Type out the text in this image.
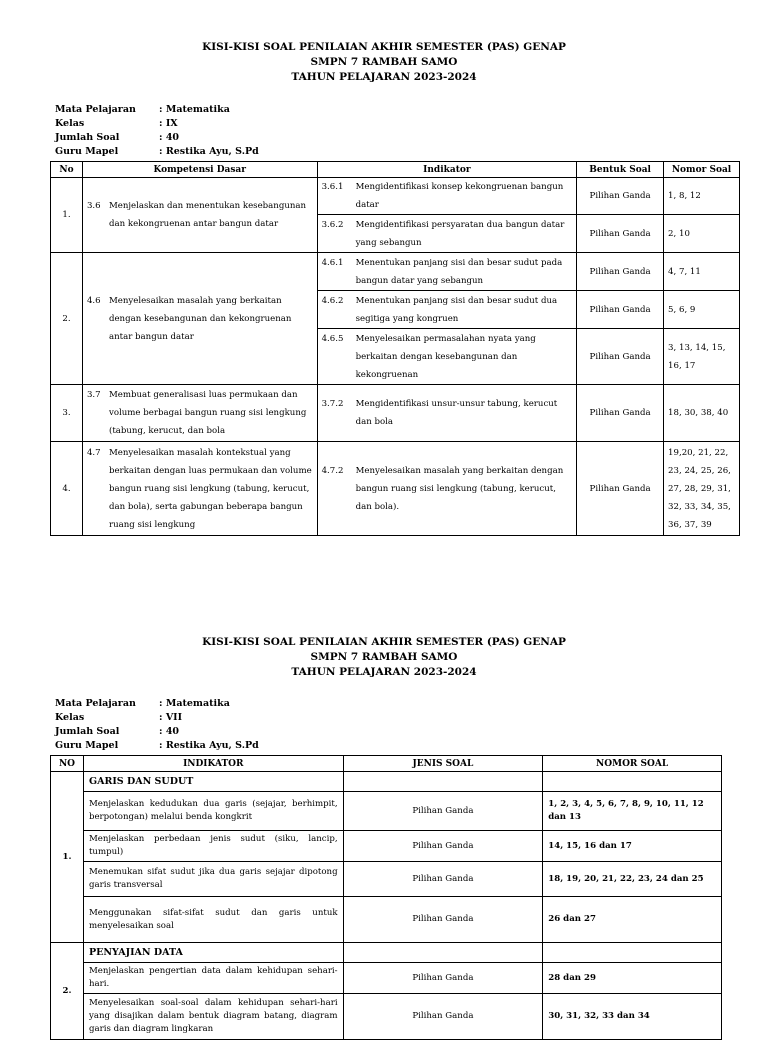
KISI-KISI SOAL PENILAIAN AKHIR SEMESTER (PAS) GENAP
SMPN 7 RAMBAH SAMO
TAHUN PELAJARAN 2023-2024
Mata Pelajaran	: Matematika
Kelas	: IX
Jumlah Soal	: 40
Guru Mapel	: Restika Ayu, S.Pd
No	Kompetensi Dasar	Indikator	Bentuk Soal	Nomor Soal
1.	3.6 Menjelaskan dan menentukan kesebangunan dan kekongruenan antar bangun datar	3.6.1 Mengidentifikasi konsep kekongruenan bangun datar	Pilihan Ganda	1, 8, 12

		3.6.2 Mengidentifikasi persyaratan dua bangun datar yang sebangun	Pilihan Ganda	2, 10
2.	4.6 Menyelesaikan masalah yang berkaitan dengan kesebangunan dan kekongruenan antar bangun datar	4.6.1 Menentukan panjang sisi dan besar sudut pada bangun datar yang sebangun	Pilihan Ganda	4, 7, 11

		4.6.2 Menentukan panjang sisi dan besar sudut dua segitiga yang kongruen	Pilihan Ganda	5, 6, 9

		4.6.5 Menyelesaikan permasalahan nyata yang berkaitan dengan kesebangunan dan kekongruenan	Pilihan Ganda	3, 13, 14, 15, 16, 17
3.	3.7 Membuat generalisasi luas permukaan dan volume berbagai bangun ruang sisi lengkung (tabung, kerucut, dan bola	3.7.2 Mengidentifikasi unsur-unsur tabung, kerucut dan bola	Pilihan Ganda	18, 30, 38, 40
4.	4.7 Menyelesaikan masalah kontekstual yang berkaitan dengan luas permukaan dan volume bangun ruang sisi lengkung (tabung, kerucut, dan bola), serta gabungan beberapa bangun ruang sisi lengkung	4.7.2 Menyelesaikan masalah yang berkaitan dengan bangun ruang sisi lengkung (tabung, kerucut, dan bola).	Pilihan Ganda	19,20, 21, 22, 23, 24, 25, 26, 27, 28, 29, 31, 32, 33, 34, 35, 36, 37, 39
KISI-KISI SOAL PENILAIAN AKHIR SEMESTER (PAS) GENAP
SMPN 7 RAMBAH SAMO
TAHUN PELAJARAN 2023-2024
Mata Pelajaran	: Matematika
Kelas	: VII
Jumlah Soal	: 40
Guru Mapel	: Restika Ayu, S.Pd
NO	INDIKATOR	JENIS SOAL	NOMOR SOAL
1.	GARIS DAN SUDUT		
	Menjelaskan kedudukan dua garis (sejajar, berhimpit, berpotongan) melalui benda kongkrit	Pilihan Ganda	1, 2, 3, 4, 5, 6, 7, 8, 9, 10, 11, 12 dan 13
	Menjelaskan perbedaan jenis sudut (siku, lancip, tumpul)	Pilihan Ganda	14, 15, 16 dan 17
	Menemukan sifat sudut jika dua garis sejajar dipotong garis transversal	Pilihan Ganda	18, 19, 20, 21, 22, 23, 24 dan 25
	Menggunakan sifat-sifat sudut dan garis untuk menyelesaikan soal	Pilihan Ganda	26 dan 27
2.	PENYAJIAN DATA		
	Menjelaskan pengertian data dalam kehidupan sehari-hari.	Pilihan Ganda	28 dan 29
	Menyelesaikan soal-soal dalam kehidupan sehari-hari yang disajikan dalam bentuk diagram batang, diagram garis dan diagram lingkaran	Pilihan Ganda	30, 31, 32, 33 dan 34
